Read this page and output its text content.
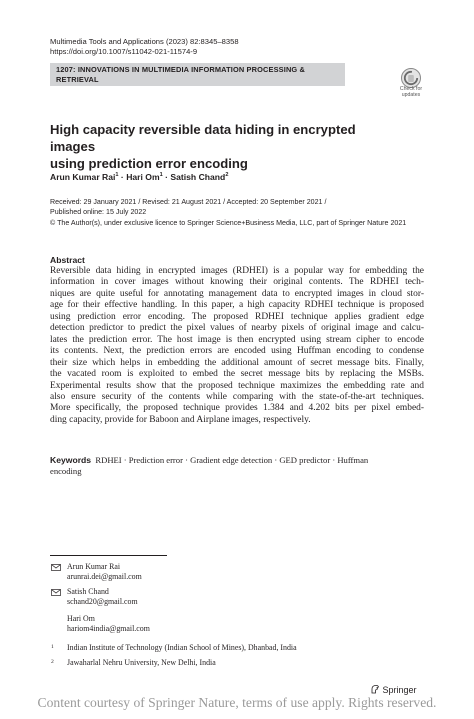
Multimedia Tools and Applications (2023) 82:8345–8358
https://doi.org/10.1007/s11042-021-11574-9
1207: INNOVATIONS IN MULTIMEDIA INFORMATION PROCESSING &
RETRIEVAL
Check for
updates
High capacity reversible data hiding in encrypted images
using prediction error encoding
Arun Kumar Rai$^1$ · Hari $Om^1$ · Satish Chand$^2$
Received: 29 January 2021 / Revised: 21 August 2021 / Accepted: 20 September 2021 /
Published online: 15 July 2022
© The Author(s), under exclusive licence to Springer Science+Business Media, LLC, part of Springer Nature 2021
Abstract
Reversible data hiding in encrypted images (RDHEI) is a popular way for embedding the
information in cover images without knowing their original contents. The RDHEI tech-
niques are quite useful for annotating management data to encrypted images in cloud stor-
age for their effective handling. In this paper, a high capacity RDHEI technique is proposed
using prediction error encoding. The proposed RDHEI technique applies gradient edge
detection predictor to predict the pixel values of nearby pixels of original image and calcu-
lates the prediction error. The host image is then encrypted using stream cipher to encode
its contents. Next, the prediction errors are encoded using Huffman encoding to condense
their size which helps in embedding the additional amount of secret message bits. Finally,
the vacated room is exploited to embed the secret message bits by replacing the MSBs.
Experimental results show that the proposed technique maximizes the embedding rate and
also ensure security of the contents while comparing with the state-of-the-art techniques.
More specifically, the proposed technique provides 1.384 and 4.202 bits per pixel embed-
ding capacity, provide for Baboon and Airplane images, respectively.
Keywords RDHEI · Prediction error · Gradient edge detection · GED predictor · Huffman
encoding
Arun Kumar Rai
arunrai.dei@gmail.com
Satish Chand
schand20@gmail.com
Hari Om
hariom4india@gmail.com
1 Indian Institute of Technology (Indian School of Mines), Dhanbad, India
2 Jawaharlal Nehru University, New Delhi, India
Springer
Content courtesy of Springer Nature, terms of use apply. Rights reserved.
